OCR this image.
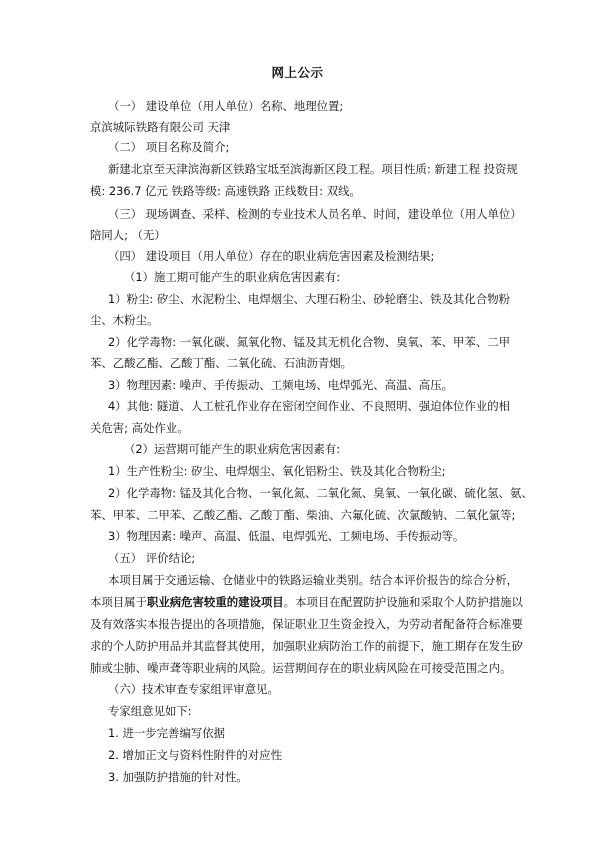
网上公示
（一） 建设单位（用人单位）名称、地理位置;
京滨城际铁路有限公司 天津
（二） 项目名称及简介;
新建北京至天津滨海新区铁路宝坻至滨海新区段工程。项目性质: 新建工程 投资规
模: 236.7 亿元 铁路等级: 高速铁路 正线数目: 双线。
（三） 现场调查、采样、检测的专业技术人员名单、时间，建设单位（用人单位）
陪同人; （无）
（四） 建设项目（用人单位）存在的职业病危害因素及检测结果;
（1）施工期可能产生的职业病危害因素有:
1）粉尘: 矽尘、水泥粉尘、电焊烟尘、大理石粉尘、砂轮磨尘、铁及其化合物粉
尘、木粉尘。
2）化学毒物: 一氧化碳、氮氧化物、锰及其无机化合物、臭氧、苯、甲苯、二甲
苯、乙酸乙酯、乙酸丁酯、二氧化硫、石油沥青烟。
3）物理因素: 噪声、手传振动、工频电场、电焊弧光、高温、高压。
4）其他: 隧道、人工桩孔作业存在密闭空间作业、不良照明、强迫体位作业的相
关危害; 高处作业。
（2）运营期可能产生的职业病危害因素有:
1）生产性粉尘: 矽尘、电焊烟尘、氧化铝粉尘、铁及其化合物粉尘;
2）化学毒物: 锰及其化合物、一氧化氮、二氧化氮、臭氧、一氧化碳、硫化氢、氨、
苯、甲苯、二甲苯、乙酸乙酯、乙酸丁酯、柴油、六氟化硫、次氯酸钠、二氧化氯等;
3）物理因素: 噪声、高温、低温、电焊弧光、工频电场、手传振动等。
（五） 评价结论;
本项目属于交通运输、仓储业中的铁路运输业类别。结合本评价报告的综合分析，
本项目属于职业病危害较重的建设项目。本项目在配置防护设施和采取个人防护措施以
及有效落实本报告提出的各项措施，保证职业卫生资金投入，为劳动者配备符合标准要
求的个人防护用品并其监督其使用，加强职业病防治工作的前提下，施工期存在发生矽
肺或尘肺、噪声聋等职业病的风险。运营期间存在的职业病风险在可接受范围之内。
（六）技术审查专家组评审意见。
专家组意见如下:
1. 进一步完善编写依据
2. 增加正文与资料性附件的对应性
3. 加强防护措施的针对性。
